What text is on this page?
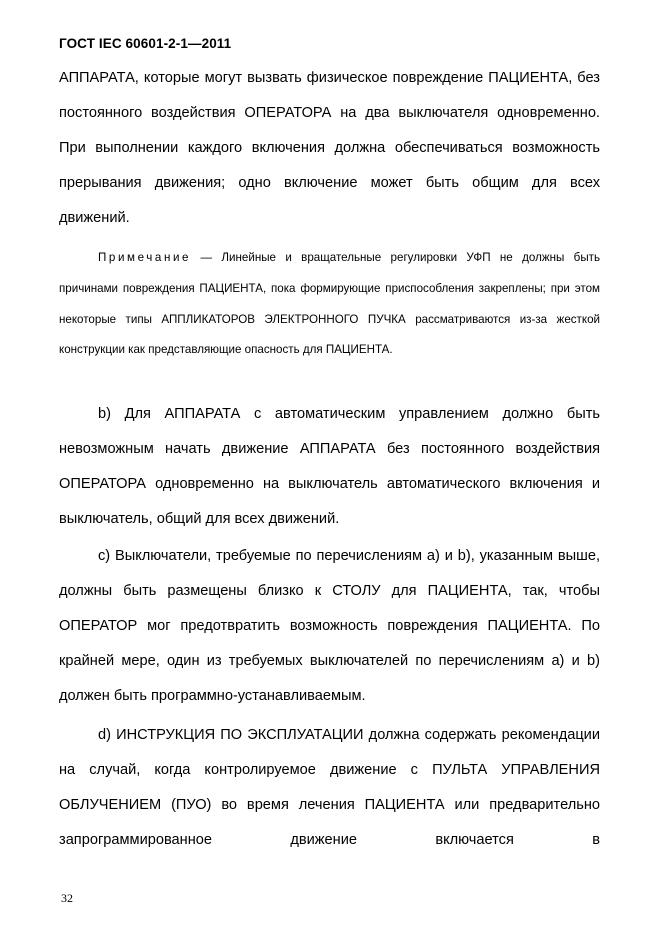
ГОСТ IEC 60601-2-1—2011

АППАРАТА, которые могут вызвать физическое повреждение ПАЦИЕНТА, без постоянного воздействия ОПЕРАТОРА на два выключателя одновременно. При выполнении каждого включения должна обеспечиваться возможность прерывания движения; одно включение может быть общим для всех движений.

Примечание — Линейные и вращательные регулировки УФП не должны быть причинами повреждения ПАЦИЕНТА, пока формирующие приспособления закреплены; при этом некоторые типы АППЛИКАТОРОВ ЭЛЕКТРОННОГО ПУЧКА рассматриваются из-за жесткой конструкции как представляющие опасность для ПАЦИЕНТА.

b) Для АППАРАТА с автоматическим управлением должно быть невозможным начать движение АППАРАТА без постоянного воздействия ОПЕРАТОРА одновременно на выключатель автоматического включения и выключатель, общий для всех движений.

с) Выключатели, требуемые по перечислениям а) и b), указанным выше, должны быть размещены близко к СТОЛУ для ПАЦИЕНТА, так, чтобы ОПЕРАТОР мог предотвратить возможность повреждения ПАЦИЕНТА. По крайней мере, один из требуемых выключателей по перечислениям а) и b) должен быть программно-устанавливаемым.

d) ИНСТРУКЦИЯ ПО ЭКСПЛУАТАЦИИ должна содержать рекомендации на случай, когда контролируемое движение с ПУЛЬТА УПРАВЛЕНИЯ ОБЛУЧЕНИЕМ (ПУО) во время лечения ПАЦИЕНТА или предварительно запрограммированное движение включается в

32
